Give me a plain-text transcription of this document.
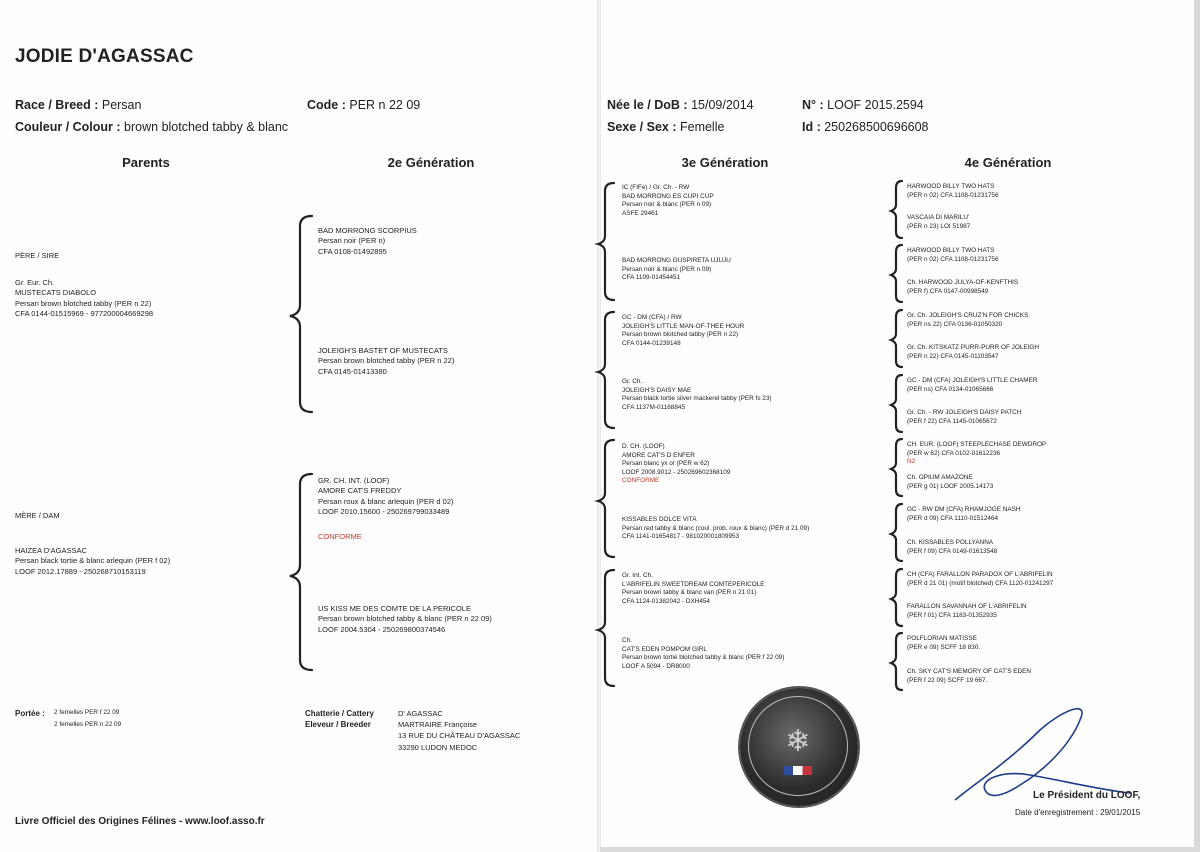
JODIE D'AGASSAC
Race / Breed : Persan	Code : PER n 22 09	Née le / DoB : 15/09/2014	N° : LOOF 2015.2594
Couleur / Colour : brown blotched tabby & blanc	Sexe / Sex : Femelle	Id : 250268500696608
Parents	2e Génération	3e Génération	4e Génération
PÈRE / SIRE
Gr. Eur. Ch.
MUSTECATS DIABOLO
Persan brown blotched tabby (PER n 22)
CFA 0144-01515969 - 977200004669298
MÈRE / DAM
HAIZEA D'AGASSAC
Persan black tortie & blanc arlequin (PER f 02)
LOOF 2012.17889 - 250268710153119
BAD MORRONG SCORPIUS
Persan noir (PER n)
CFA 0108-01492895
JOLEIGH'S BASTET OF MUSTECATS
Persan brown blotched tabby (PER n 22)
CFA 0145-01413380
GR. CH. INT. (LOOF)
AMORE CAT'S FREDDY
Persan roux & blanc arlequin (PER d 02)
LOOF 2010.15600 - 250269799033489
CONFORME
US KISS ME DES COMTE DE LA PERICOLE
Persan brown blotched tabby & blanc (PER n 22 09)
LOOF 2004.5304 - 250269800374546
IC (FIFe) / Gr. Ch. - RW
BAD MORRONG ES CUPI CUP
Persan noir & blanc (PER n 09)
ASFE 29461
BAD MORRONG GUSPIRETA UJUJU
Persan noir & blanc (PER n 09)
CFA 1109-01454451
GC - DM (CFA) / RW
JOLEIGH'S LITTLE MAN-OF-THEE HOUR
Persan brown blotched tabby (PER n 22)
CFA 0144-01239148
Gr. Ch.
JOLEIGH'S DAISY MAE
Persan black tortie silver mackerel tabby (PER fs 23)
CFA 1137M-01168845
D. CH. (LOOF)
AMORE CAT'S D ENFER
Persan blanc yx or (PER w 62)
LOOF 2008.9012 - 250269602368109
CONFORME
KISSABLES DOLCE VITA
Persan red tabby & blanc (coul. prob. roux & blanc) (PER d 21 09)
CFA 1141-01654817 - 981020001809953
Gr. Int. Ch.
L'ABRIFELIN SWEETDREAM COMTEPERICOLE
Persan brown tabby & blanc van (PER n 21 01)
CFA 1124-01382042 - DXH454
Ch.
CAT'S EDEN POMPOM GIRL
Persan brown tortie blotched tabby & blanc (PER f 22 09)
LOOF A 5094 - DR8000
HARWOOD BILLY TWO HATS
(PER n 02) CFA 1108-01231756
VASCAIA DI MARILU'
(PER n 23) LOI 51987
HARWOOD BILLY TWO HATS
(PER n 02) CFA 1108-01231756
Ch. HARWOOD JULYA-OF-KENFTHIS
(PER f) CFA 0147-00998549
Gr. Ch. JOLEIGH'S CRUZ'N FOR CHICKS
(PER ns 22) CFA 0136-01050320
Gr. Ch. KITSKATZ PURR-PURR OF JOLEIGH
(PER n 22) CFA 0145-01103547
GC - DM (CFA) JOLEIGH'S LITTLE CHAMER
(PER ns) CFA 0134-01065666
Gr. Ch. - RW JOLEIGH'S DAISY PATCH
(PER f 22) CFA 1145-01065672
CH. EUR. (LOOF) STEEPLECHASE DEWDROP
(PER w 62) CFA 0102-01612236
N2
Ch. OPIUM AMAZONE
(PER g 01) LOOF 2005.14173
GC - RW DM (CFA) RHAMJOGE NASH
(PER d 09) CFA 1110-01512464
Ch. KISSABLES POLLYANNA
(PER f 09) CFA 0149-01613548
CH (CFA) FARALLON PARADOX OF L'ABRIFELIN
(PER d 21 01) (motif blotched) CFA 1120-01241297
FARALLON SAVANNAH OF L'ABRIFELIN
(PER f 01) CFA 1183-01352935
POLFLORIAN MATISSE
(PER e 09) SCFF 18 830.
Ch. SKY CAT'S MEMORY OF CAT'S EDEN
(PER f 22 09) SCFF 19 667.
Portée : 2 femelles PER f 22 09
2 femelles PER n 22 09
Chatterie / Cattery
Eleveur / Breeder
D' AGASSAC
MARTRAIRE Françoise
13 RUE DU CHÂTEAU D'AGASSAC
33290 LUDON MEDOC
Livre Officiel des Origines Félines - www.loof.asso.fr
❄
Le Président du LOOF,
Date d'enregistrement : 29/01/2015
